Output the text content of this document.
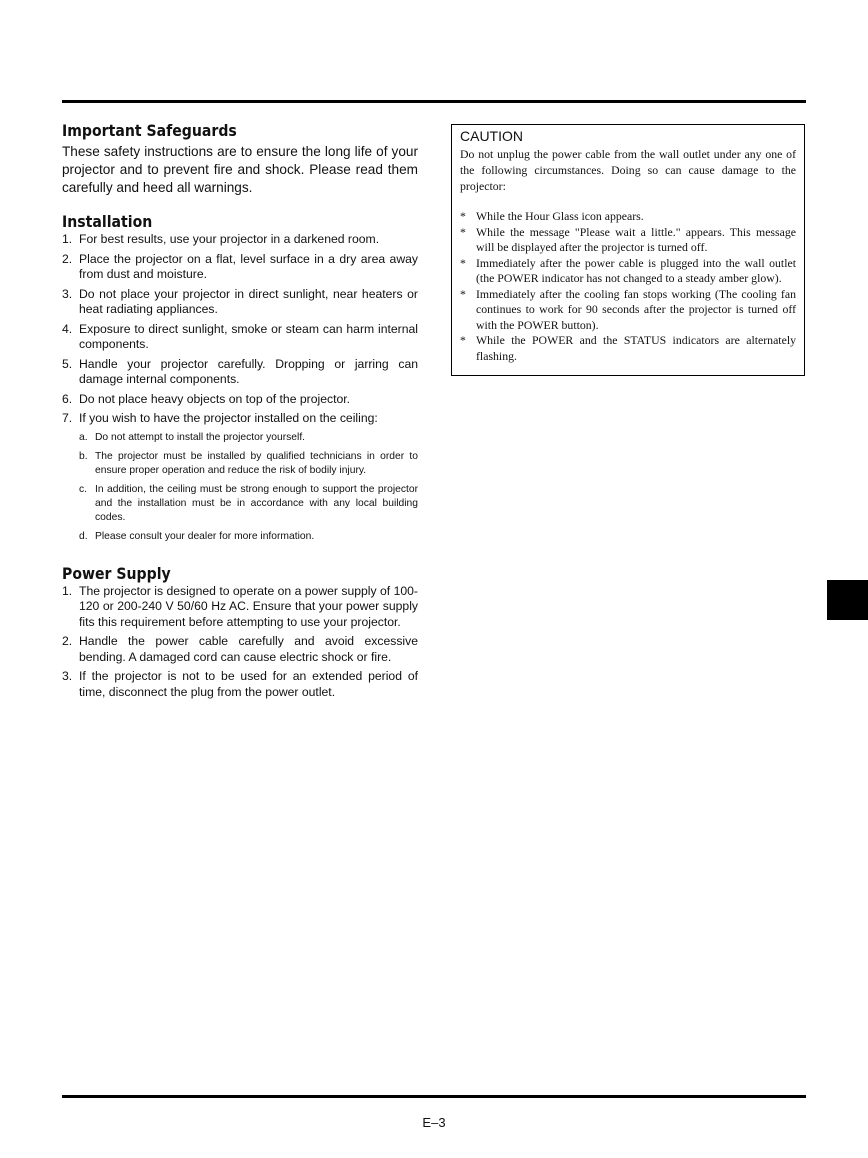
Important Safeguards

These safety instructions are to ensure the long life of your projector and to prevent fire and shock. Please read them carefully and heed all warnings.

Installation
1. For best results, use your projector in a darkened room.
2. Place the projector on a flat, level surface in a dry area away from dust and moisture.
3. Do not place your projector in direct sunlight, near heaters or heat radiating appliances.
4. Exposure to direct sunlight, smoke or steam can harm internal components.
5. Handle your projector carefully. Dropping or jarring can damage internal components.
6. Do not place heavy objects on top of the projector.
7. If you wish to have the projector installed on the ceiling:
a. Do not attempt to install the projector yourself.
b. The projector must be installed by qualified technicians in order to ensure proper operation and reduce the risk of bodily injury.
c. In addition, the ceiling must be strong enough to support the projector and the installation must be in accordance with any local building codes.
d. Please consult your dealer for more information.
Power Supply
1. The projector is designed to operate on a power supply of 100-120 or 200-240 V 50/60 Hz AC. Ensure that your power supply fits this requirement before attempting to use your projector.
2. Handle the power cable carefully and avoid excessive bending. A damaged cord can cause electric shock or fire.
3. If the projector is not to be used for an extended period of time, disconnect the plug from the power outlet.
CAUTION

Do not unplug the power cable from the wall outlet under any one of the following circumstances. Doing so can cause damage to the projector:

* While the Hour Glass icon appears.
* While the message "Please wait a little." appears. This message will be displayed after the projector is turned off.
* Immediately after the power cable is plugged into the wall outlet (the POWER indicator has not changed to a steady amber glow).
* Immediately after the cooling fan stops working (The cooling fan continues to work for 90 seconds after the projector is turned off with the POWER button).
* While the POWER and the STATUS indicators are alternately flashing.
E–3
